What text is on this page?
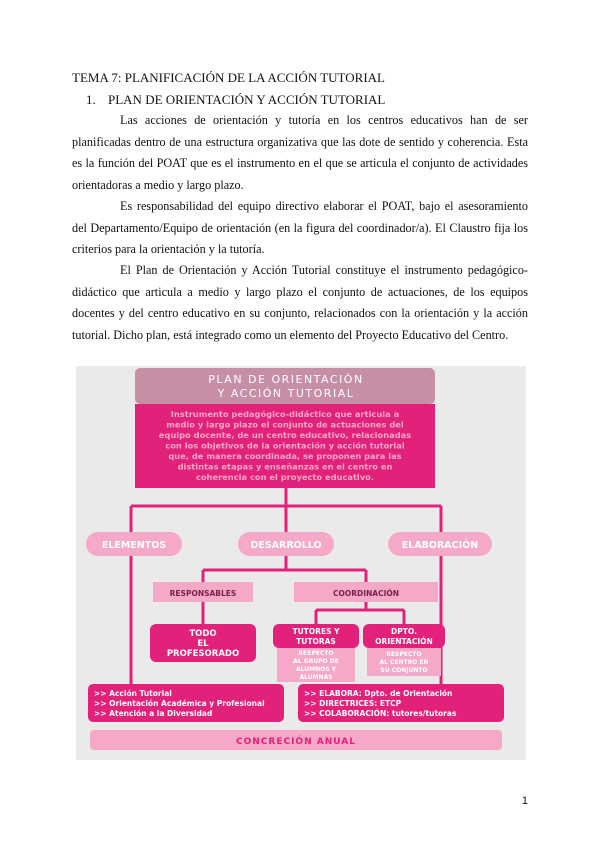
TEMA 7: PLANIFICACIÓN DE LA ACCIÓN TUTORIAL
1. PLAN DE ORIENTACIÓN Y ACCIÓN TUTORIAL
Las acciones de orientación y tutoría en los centros educativos han de ser planificadas dentro de una estructura organizativa que las dote de sentido y coherencia. Esta es la función del POAT que es el instrumento en el que se articula el conjunto de actividades orientadoras a medio y largo plazo.
Es responsabilidad del equipo directivo elaborar el POAT, bajo el asesoramiento del Departamento/Equipo de orientación (en la figura del coordinador/a). El Claustro fija los criterios para la orientación y la tutoría.
El Plan de Orientación y Acción Tutorial constituye el instrumento pedagógico-didáctico que articula a medio y largo plazo el conjunto de actuaciones, de los equipos docentes y del centro educativo en su conjunto, relacionados con la orientación y la acción tutorial. Dicho plan, está integrado como un elemento del Proyecto Educativo del Centro.
PLAN DE ORIENTACIÓN
Y ACCIÓN TUTORIAL
Instrumento pedagógico-didáctico que articula a
medio y largo plazo el conjunto de actuaciones del
equipo docente, de un centro educativo, relacionadas
con los objetivos de la orientación y acción tutorial
que, de manera coordinada, se proponen para las
distintas etapas y enseñanzas en el centro en
coherencia con el proyecto educativo.
ELEMENTOS	DESARROLLO	ELABORACIÓN
RESPONSABLES	COORDINACIÓN
TODO
EL
PROFESORADO
TUTORES Y
TUTORAS
RESPECTO
AL GRUPO DE
ALUMNOS Y
ALUMNAS
DPTO.
ORIENTACIÓN
RESPECTO
AL CENTRO EN
SU CONJUNTO
>> Acción Tutorial
>> Orientación Académica y Profesional
>> Atención a la Diversidad
>> ELABORA: Dpto. de Orientación
>> DIRECTRICES: ETCP
>> COLABORACIÓN: tutores/tutoras
CONCRECIÓN ANUAL
1
